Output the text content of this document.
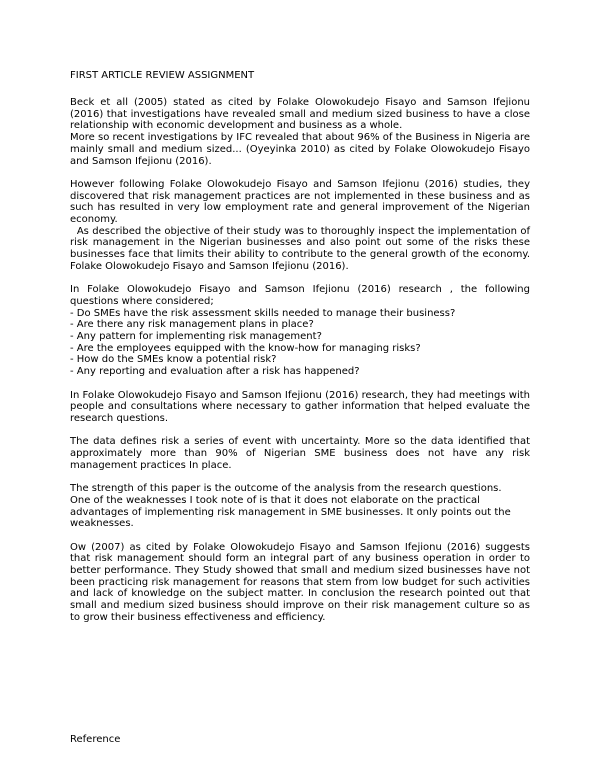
FIRST ARTICLE REVIEW ASSIGNMENT

Beck et all (2005) stated as cited by Folake Olowokudejo Fisayo and Samson Ifejionu (2016) that investigations have revealed small and medium sized business to have a close relationship with economic development and business as a whole.

More so recent investigations by IFC revealed that about 96% of the Business in Nigeria are mainly small and medium sized... (Oyeyinka 2010) as cited by Folake Olowokudejo Fisayo and Samson Ifejionu (2016).

However following Folake Olowokudejo Fisayo and Samson Ifejionu (2016) studies, they discovered that risk management practices are not implemented in these business and as such has resulted in very low employment rate and general improvement of the Nigerian economy.

As described the objective of their study was to thoroughly inspect the implementation of risk management in the Nigerian businesses and also point out some of the risks these businesses face that limits their ability to contribute to the general growth of the economy. Folake Olowokudejo Fisayo and Samson Ifejionu (2016).

In Folake Olowokudejo Fisayo and Samson Ifejionu (2016) research , the following questions where considered;

- Do SMEs have the risk assessment skills needed to manage their business?
- Are there any risk management plans in place?
- Any pattern for implementing risk management?
- Are the employees equipped with the know-how for managing risks?
- How do the SMEs know a potential risk?
- Any reporting and evaluation after a risk has happened?

In Folake Olowokudejo Fisayo and Samson Ifejionu (2016) research, they had meetings with people and consultations where necessary to gather information that helped evaluate the research questions.

The data defines risk a series of event with uncertainty. More so the data identified that approximately more than 90% of Nigerian SME business does not have any risk management practices In place.

The strength of this paper is the outcome of the analysis from the research questions.

One of the weaknesses I took note of is that it does not elaborate on the practical advantages of implementing risk management in SME businesses. It only points out the weaknesses.

Ow (2007) as cited by Folake Olowokudejo Fisayo and Samson Ifejionu (2016) suggests that risk management should form an integral part of any business operation in order to better performance. They Study showed that small and medium sized businesses have not been practicing risk management for reasons that stem from low budget for such activities and lack of knowledge on the subject matter. In conclusion the research pointed out that small and medium sized business should improve on their risk management culture so as to grow their business effectiveness and efficiency.

Reference
